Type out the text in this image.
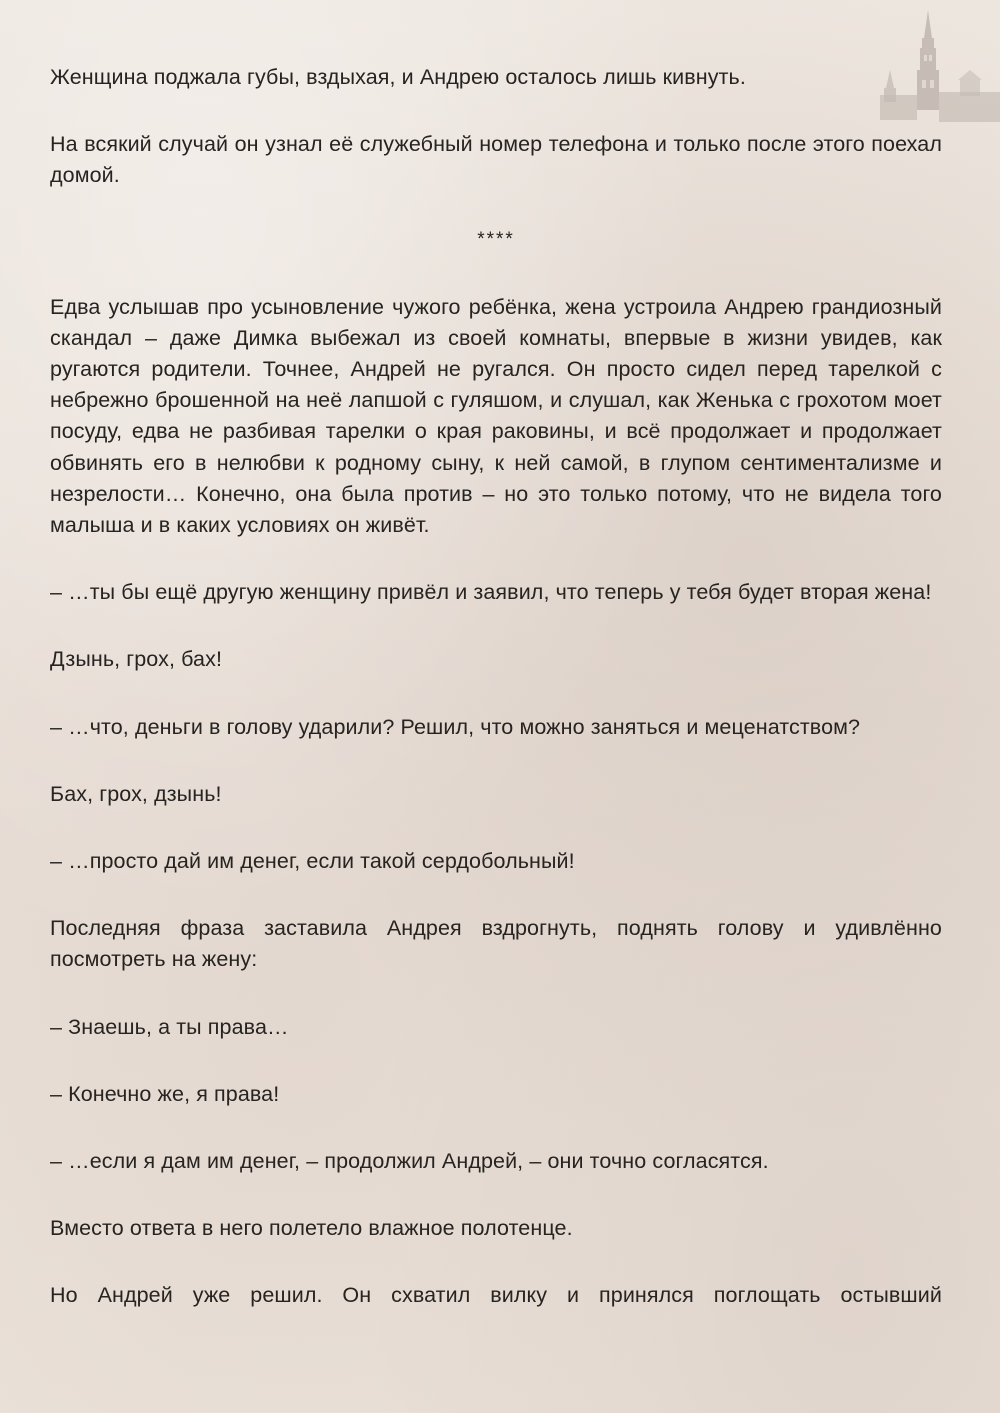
Женщина поджала губы, вздыхая, и Андрею осталось лишь кивнуть.

На всякий случай он узнал её служебный номер телефона и только после этого поехал домой.

****

Едва услышав про усыновление чужого ребёнка, жена устроила Андрею грандиозный скандал – даже Димка выбежал из своей комнаты, впервые в жизни увидев, как ругаются родители. Точнее, Андрей не ругался. Он просто сидел перед тарелкой с небрежно брошенной на неё лапшой с гуляшом, и слушал, как Женька с грохотом моет посуду, едва не разбивая тарелки о края раковины, и всё продолжает и продолжает обвинять его в нелюбви к родному сыну, к ней самой, в глупом сентиментализме и незрелости… Конечно, она была против – но это только потому, что не видела того малыша и в каких условиях он живёт.

– …ты бы ещё другую женщину привёл и заявил, что теперь у тебя будет вторая жена!

Дзынь, грох, бах!

– …что, деньги в голову ударили? Решил, что можно заняться и меценатством?

Бах, грох, дзынь!

– …просто дай им денег, если такой сердобольный!

Последняя фраза заставила Андрея вздрогнуть, поднять голову и удивлённо посмотреть на жену:

– Знаешь, а ты права…

– Конечно же, я права!

– …если я дам им денег, – продолжил Андрей, – они точно согласятся.

Вместо ответа в него полетело влажное полотенце.

Но Андрей уже решил. Он схватил вилку и принялся поглощать остывший
